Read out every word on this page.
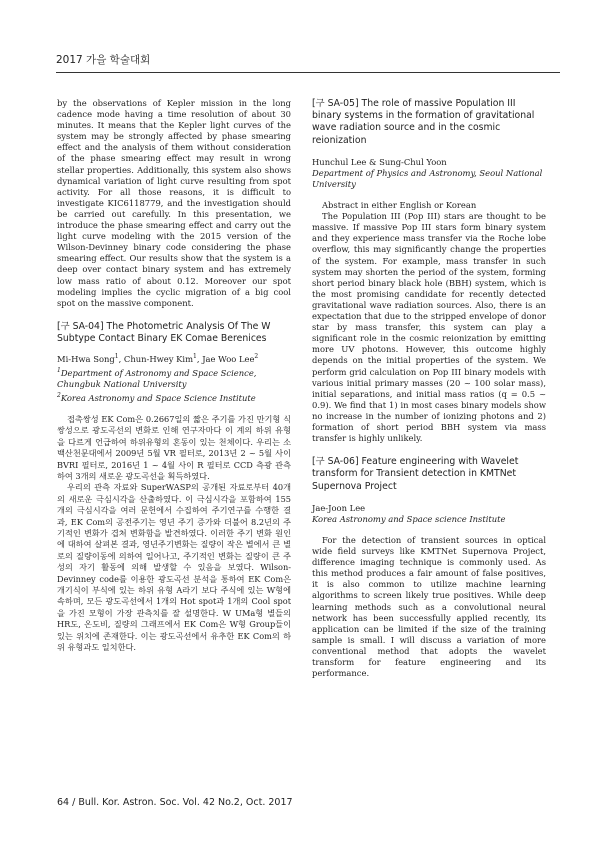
2017 가을 학술대회

by the observations of Kepler mission in the long cadence mode having a time resolution of about 30 minutes. It means that the Kepler light curves of the system may be strongly affected by phase smearing effect and the analysis of them without consideration of the phase smearing effect may result in wrong stellar properties. Additionally, this system also shows dynamical variation of light curve resulting from spot activity. For all those reasons, it is difficult to investigate KIC6118779, and the investigation should be carried out carefully. In this presentation, we introduce the phase smearing effect and carry out the light curve modeling with the 2015 version of the Wilson-Devinney binary code considering the phase smearing effect. Our results show that the system is a deep over contact binary system and has extremely low mass ratio of about 0.12. Moreover our spot modeling implies the cyclic migration of a big cool spot on the massive component.

[구 SA-04] The Photometric Analysis Of The W Subtype Contact Binary EK Comae Berenices

Mi-Hwa Song$^1$, Chun-Hwey Kim$^1$, Jae Woo Lee$^2$

$^1$Department of Astronomy and Space Science, Chungbuk National University

$^2$Korea Astronomy and Space Science Institute

접촉쌍성 EK Com은 0.2667일의 짧은 주기를 가진 만기형 식쌍성으로 광도곡선의 변화로 인해 연구자마다 이 계의 하위 유형을 다르게 언급하여 하위유형의 혼동이 있는 천체이다. 우리는 소백산천문대에서 2009년 5월 VR 필터로, 2013년 2 ~ 5월 사이 BVRI 필터로, 2016년 1 ~ 4월 사이 R 필터로 CCD 측광 관측하여 3개의 새로운 광도곡선을 획득하였다.

우리의 관측 자료와 SuperWASP의 공개된 자료로부터 40개의 새로운 극심시각을 산출하였다. 이 극심시각을 포함하여 155개의 극심시각을 여러 문헌에서 수집하여 주기연구를 수행한 결과, EK Com의 공전주기는 영년 주기 증가와 더불어 8.2년의 주기적인 변화가 겹쳐 변화함을 발견하였다. 이러한 주기 변화 원인에 대하여 살펴본 결과, 영년주기변화는 질량이 작은 별에서 큰 별로의 질량이동에 의하여 일어나고, 주기적인 변화는 질량이 큰 주성의 자기 활동에 의해 발생할 수 있음을 보였다. Wilson-Devinney code를 이용한 광도곡선 분석을 통하여 EK Com은 개기식이 부식에 있는 하위 유형 A라기 보다 주식에 있는 W형에 속하며, 모든 광도곡선에서 1개의 Hot spot과 1개의 Cool spot을 가진 모형이 가장 관측치를 잘 설명한다. W UMa형 별들의 HR도, 온도비, 질량의 그래프에서 EK Com은 W형 Group들이 있는 위치에 존재한다. 이는 광도곡선에서 유추한 EK Com의 하위 유형과도 일치한다.

[구 SA-05] The role of massive Population III binary systems in the formation of gravitational wave radiation source and in the cosmic reionization

Hunchul Lee & Sung-Chul Yoon

Department of Physics and Astronomy, Seoul National University

Abstract in either English or Korean

The Population III (Pop III) stars are thought to be massive. If massive Pop III stars form binary system and they experience mass transfer via the Roche lobe overflow, this may significantly change the properties of the system. For example, mass transfer in such system may shorten the period of the system, forming short period binary black hole (BBH) system, which is the most promising candidate for recently detected gravitational wave radiation sources. Also, there is an expectation that due to the stripped envelope of donor star by mass transfer, this system can play a significant role in the cosmic reionization by emitting more UV photons. However, this outcome highly depends on the initial properties of the system. We perform grid calculation on Pop III binary models with various initial primary masses (20 ~ 100 solar mass), initial separations, and initial mass ratios (q = 0.5 ~ 0.9). We find that 1) in most cases binary models show no increase in the number of ionizing photons and 2) formation of short period BBH system via mass transfer is highly unlikely.

[구 SA-06] Feature engineering with Wavelet transform for Transient detection in KMTNet Supernova Project

Jae-Joon Lee

Korea Astronomy and Space science Institute

For the detection of transient sources in optical wide field surveys like KMTNet Supernova Project, difference imaging technique is commonly used. As this method produces a fair amount of false positives, it is also common to utilize machine learning algorithms to screen likely true positives. While deep learning methods such as a convolutional neural network has been successfully applied recently, its application can be limited if the size of the training sample is small. I will discuss a variation of more conventional method that adopts the wavelet transform for feature engineering and its performance.

64 / Bull. Kor. Astron. Soc. Vol. 42 No.2, Oct. 2017
